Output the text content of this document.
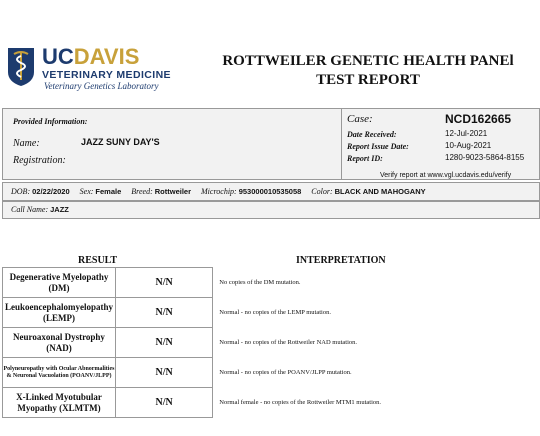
UCDAVIS
VETERINARY MEDICINE
Veterinary Genetics Laboratory
ROTTWEILER GENETIC HEALTH PANEl
TEST REPORT
Provided Information:
Name:	JAZZ SUNY DAY'S
Registration:
Case:	NCD162665
Date Received:	12-Jul-2021
Report Issue Date:	10-Aug-2021
Report ID:	1280-9023-5864-8155
Verify report at www.vgl.ucdavis.edu/verify
DOB: 02/22/2020 Sex: Female Breed: Rottweiler Microchip: 953000010535058 Color: BLACK AND MAHOGANY
Call Name: JAZZ
RESULT	INTERPRETATION
Degenerative Myelopathy (DM)	N/N	No copies of the DM mutation.
Leukoencephalomyelopathy (LEMP)	N/N	Normal - no copies of the LEMP mutation.
Neuroaxonal Dystrophy (NAD)	N/N	Normal - no copies of the Rottweiler NAD mutation.
Polyneuropathy with Ocular Abnormalities & Neuronal Vacuolation (POANV/JLPP)	N/N	Normal - no copies of the POANV/JLPP mutation.
X-Linked Myotubular Myopathy (XLMTM)	N/N	Normal female - no copies of the Rottweiler MTM1 mutation.
